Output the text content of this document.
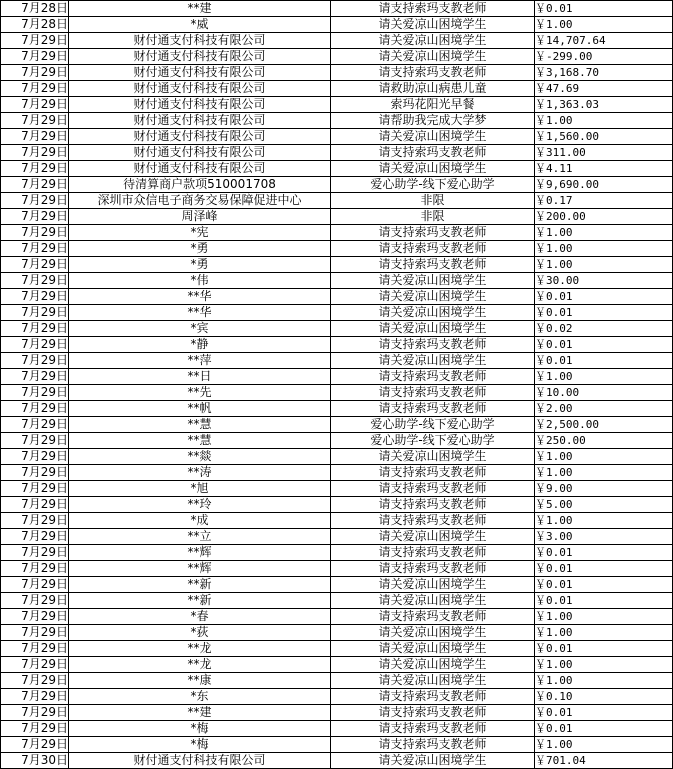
7月28日	**建	请支持索玛支教老师	￥0.01
7月28日	*威	请关爱凉山困境学生	￥1.00
7月29日	财付通支付科技有限公司	请关爱凉山困境学生	￥14,707.64
7月29日	财付通支付科技有限公司	请关爱凉山困境学生	￥-299.00
7月29日	财付通支付科技有限公司	请支持索玛支教老师	￥3,168.70
7月29日	财付通支付科技有限公司	请救助凉山病患儿童	￥47.69
7月29日	财付通支付科技有限公司	索玛花阳光早餐	￥1,363.03
7月29日	财付通支付科技有限公司	请帮助我完成大学梦	￥1.00
7月29日	财付通支付科技有限公司	请关爱凉山困境学生	￥1,560.00
7月29日	财付通支付科技有限公司	请支持索玛支教老师	￥311.00
7月29日	财付通支付科技有限公司	请关爱凉山困境学生	￥4.11
7月29日	待清算商户款项510001708	爱心助学-线下爱心助学	￥9,690.00
7月29日	深圳市众信电子商务交易保障促进中心	非限	￥0.17
7月29日	周泽峰	非限	￥200.00
7月29日	*宪	请支持索玛支教老师	￥1.00
7月29日	*勇	请支持索玛支教老师	￥1.00
7月29日	*勇	请支持索玛支教老师	￥1.00
7月29日	*伟	请关爱凉山困境学生	￥30.00
7月29日	**华	请关爱凉山困境学生	￥0.01
7月29日	**华	请关爱凉山困境学生	￥0.01
7月29日	*宾	请关爱凉山困境学生	￥0.02
7月29日	*静	请支持索玛支教老师	￥0.01
7月29日	**萍	请关爱凉山困境学生	￥0.01
7月29日	**日	请支持索玛支教老师	￥1.00
7月29日	**先	请支持索玛支教老师	￥10.00
7月29日	**帆	请支持索玛支教老师	￥2.00
7月29日	**慧	爱心助学-线下爱心助学	￥2,500.00
7月29日	**慧	爱心助学-线下爱心助学	￥250.00
7月29日	**燚	请关爱凉山困境学生	￥1.00
7月29日	**涛	请支持索玛支教老师	￥1.00
7月29日	*旭	请支持索玛支教老师	￥9.00
7月29日	**玲	请支持索玛支教老师	￥5.00
7月29日	*成	请支持索玛支教老师	￥1.00
7月29日	**立	请关爱凉山困境学生	￥3.00
7月29日	**辉	请支持索玛支教老师	￥0.01
7月29日	**辉	请支持索玛支教老师	￥0.01
7月29日	**新	请关爱凉山困境学生	￥0.01
7月29日	**新	请关爱凉山困境学生	￥0.01
7月29日	*春	请支持索玛支教老师	￥1.00
7月29日	*荻	请关爱凉山困境学生	￥1.00
7月29日	**龙	请关爱凉山困境学生	￥0.01
7月29日	**龙	请关爱凉山困境学生	￥1.00
7月29日	**康	请关爱凉山困境学生	￥1.00
7月29日	*东	请支持索玛支教老师	￥0.10
7月29日	**建	请支持索玛支教老师	￥0.01
7月29日	*梅	请支持索玛支教老师	￥0.01
7月29日	*梅	请支持索玛支教老师	￥1.00
7月30日	财付通支付科技有限公司	请关爱凉山困境学生	￥701.04
